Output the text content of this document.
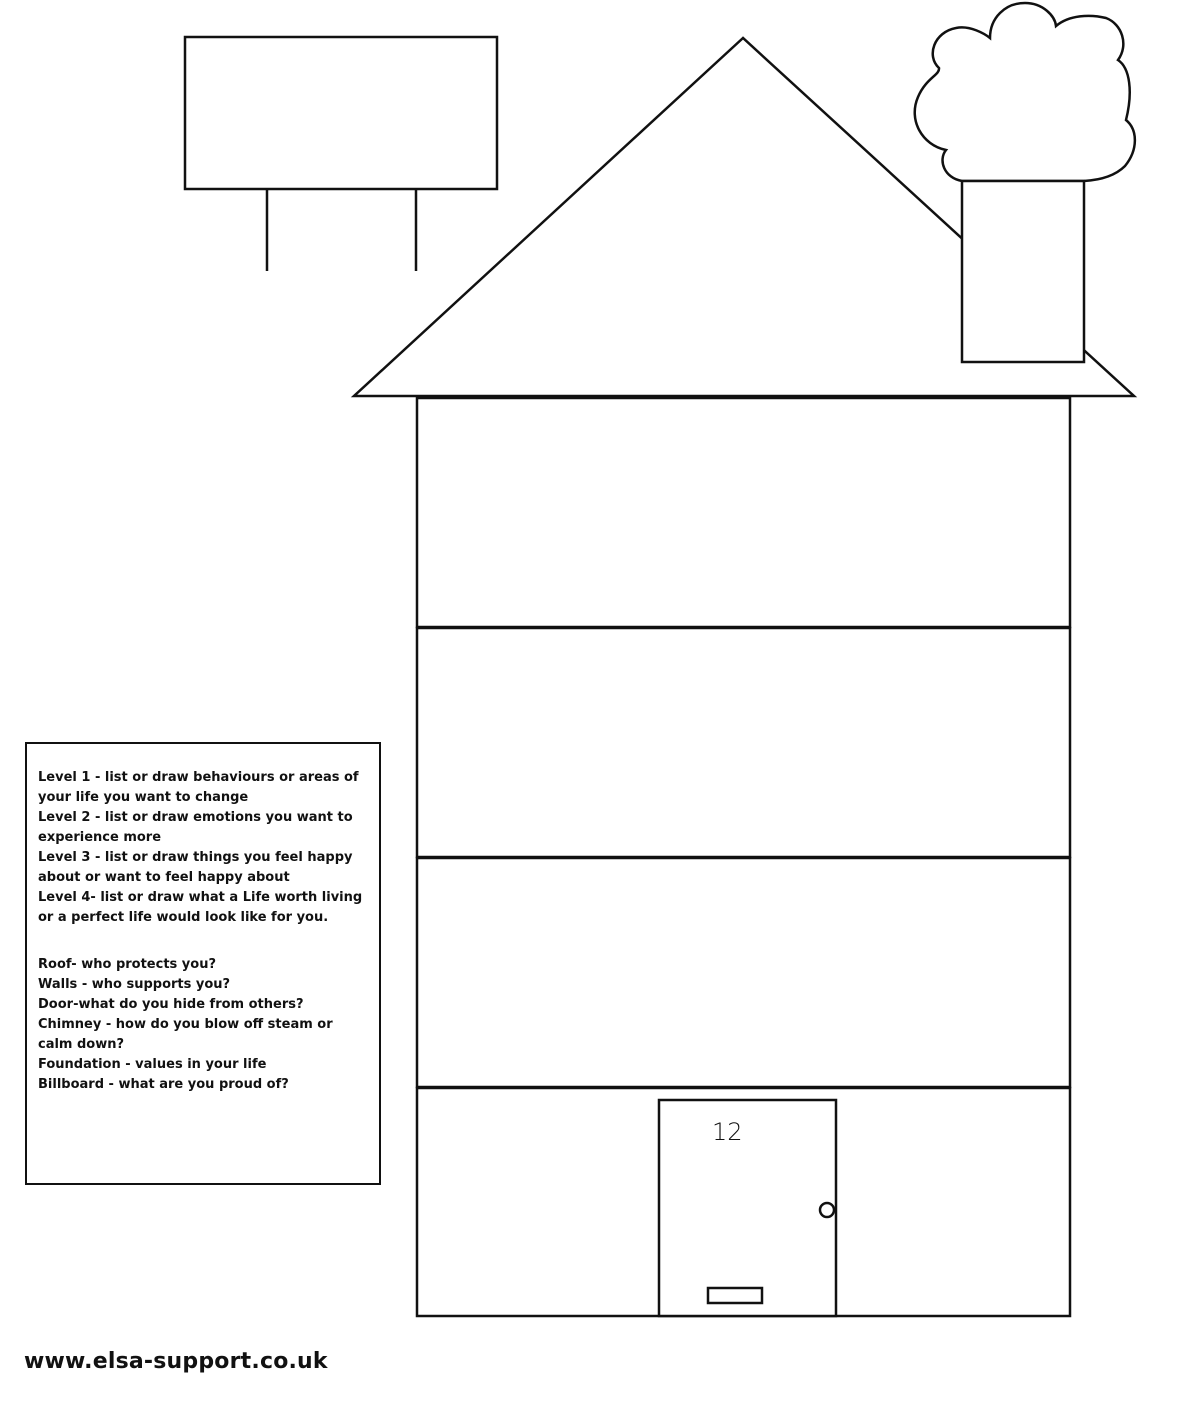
12
Level 1 - list or draw behaviours or areas of your life you want to change
Level 2 - list or draw emotions you want to experience more
Level 3 - list or draw things you feel happy about or want to feel happy about
Level 4- list or draw what a Life worth living or a perfect life would look like for you.
Roof- who protects you?
Walls - who supports you?
Door-what do you hide from others?
Chimney - how do you blow off steam or calm down?
Foundation - values in your life
Billboard - what are you proud of?
www.elsa-support.co.uk
